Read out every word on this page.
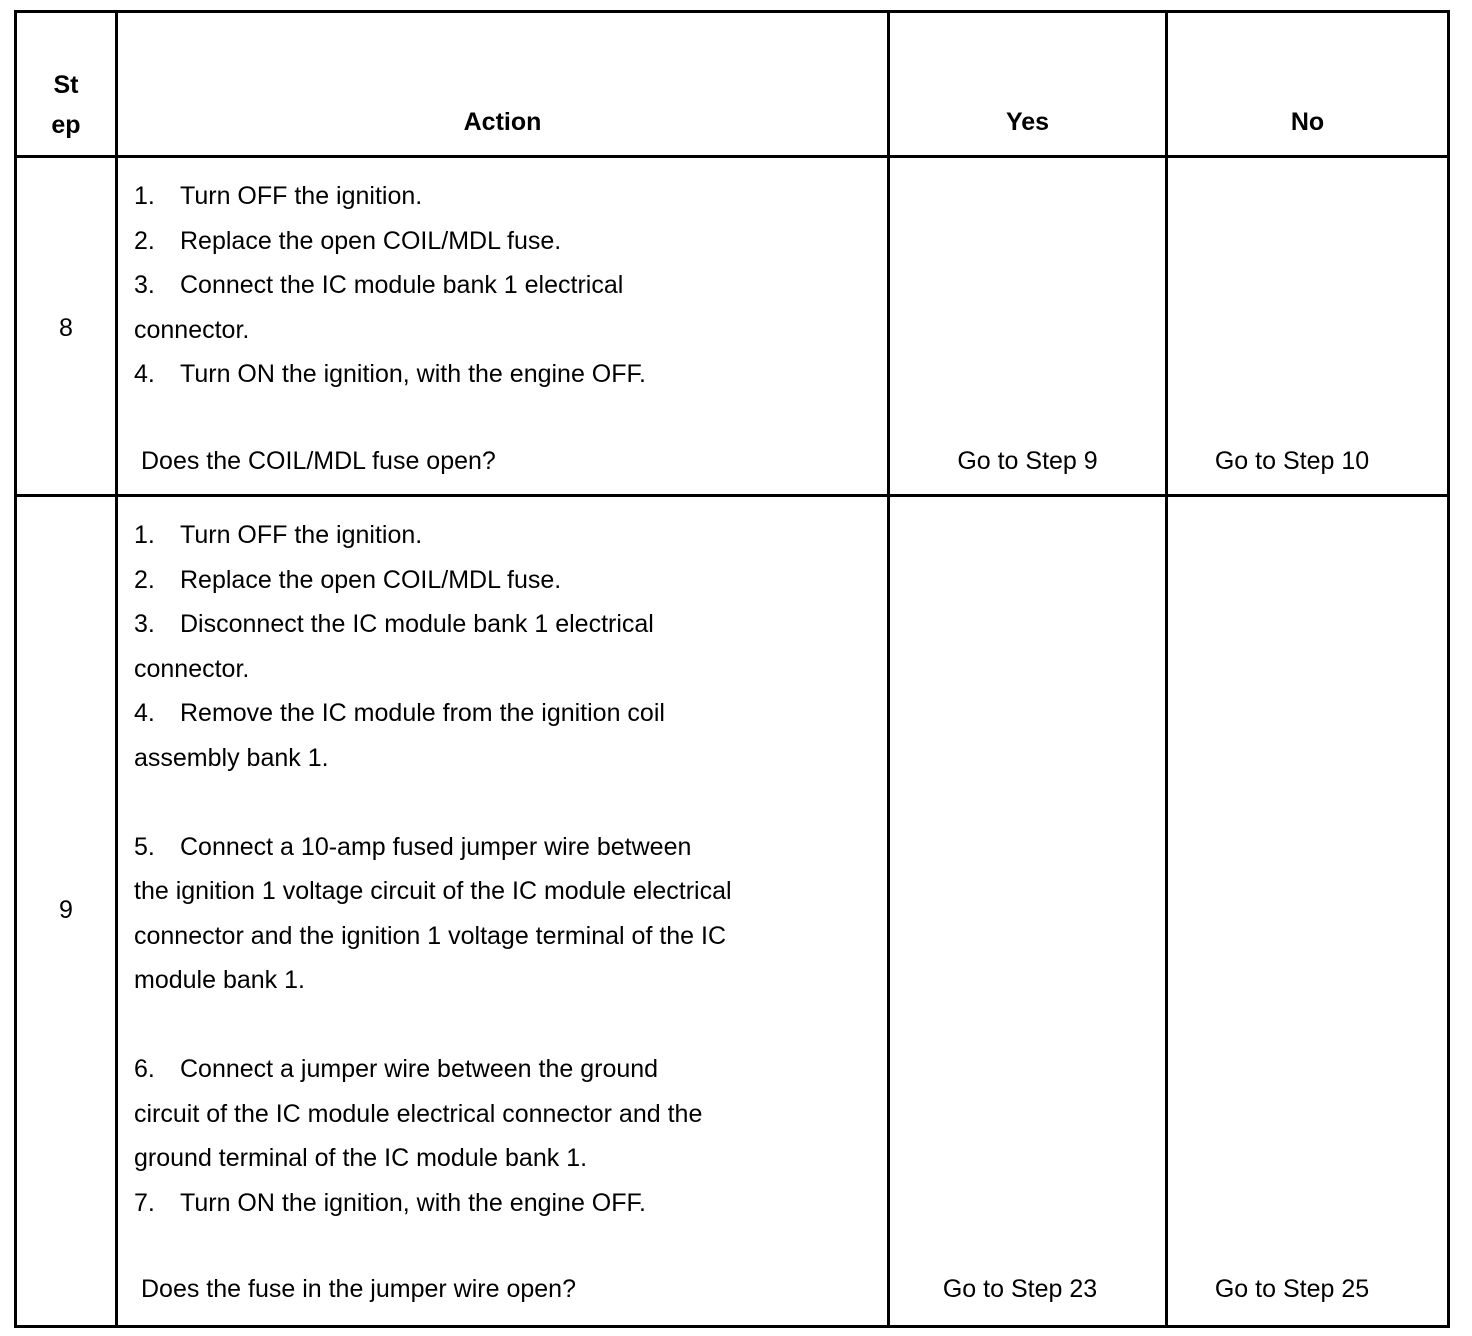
St
ep	Action	Yes	No
8
1. Turn OFF the ignition.
2. Replace the open COIL/MDL fuse.
3. Connect the IC module bank 1 electrical
connector.
4. Turn ON the ignition, with the engine OFF.
Does the COIL/MDL fuse open?	Go to Step 9	Go to Step 10
9
1. Turn OFF the ignition.
2. Replace the open COIL/MDL fuse.
3. Disconnect the IC module bank 1 electrical
connector.
4. Remove the IC module from the ignition coil
assembly bank 1.
5. Connect a 10-amp fused jumper wire between
the ignition 1 voltage circuit of the IC module electrical
connector and the ignition 1 voltage terminal of the IC
module bank 1.
6. Connect a jumper wire between the ground
circuit of the IC module electrical connector and the
ground terminal of the IC module bank 1.
7. Turn ON the ignition, with the engine OFF.
Does the fuse in the jumper wire open?	Go to Step 23	Go to Step 25
